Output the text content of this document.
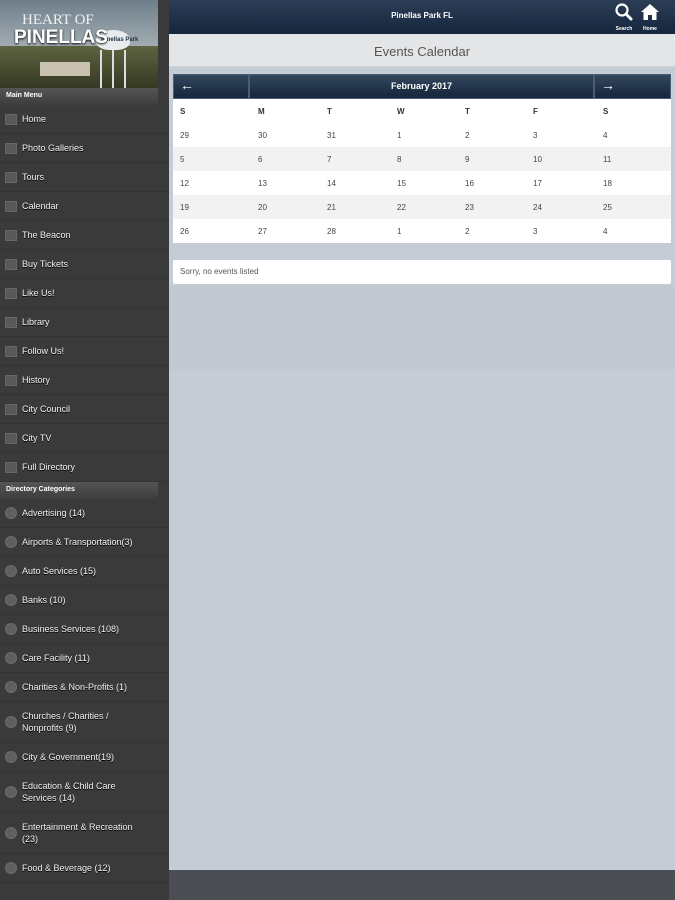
Pinellas Park
HEART OF
PINELLAS
Main Menu
Home
Photo Galleries
Tours
Calendar
The Beacon
Buy Tickets
Like Us!
Library
Follow Us!
History
City Council
City TV
Full Directory
Directory Categories
Advertising (14)
Airports & Transportation(3)
Auto Services (15)
Banks (10)
Business Services (108)
Care Facility (11)
Charities & Non-Profits (1)
Churches / Charities / Nonprofits (9)
City & Government(19)
Education & Child Care Services (14)
Entertainment & Recreation (23)
Food & Beverage (12)
Pinellas Park FL
Search	Home
Events Calendar
←	February 2017	→
S	M	T	W	T	F	S
29	30	31	1	2	3	4
5	6	7	8	9	10	11
12	13	14	15	16	17	18
19	20	21	22	23	24	25
26	27	28	1	2	3	4
Sorry, no events listed
